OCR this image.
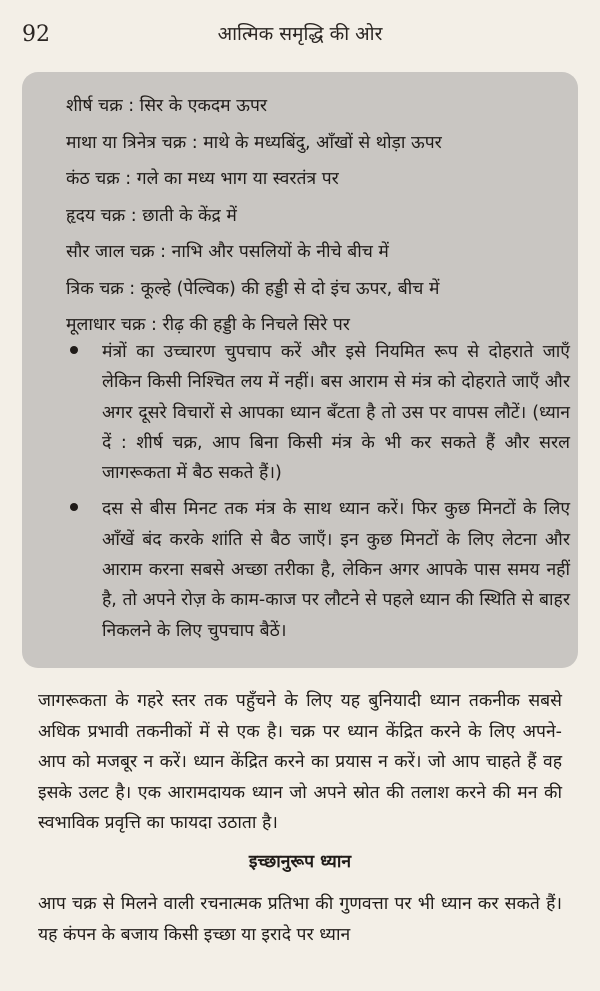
92	आत्मिक समृद्धि की ओर
शीर्ष चक्र : सिर के एकदम ऊपर
माथा या त्रिनेत्र चक्र : माथे के मध्यबिंदु, आँखों से थोड़ा ऊपर
कंठ चक्र : गले का मध्य भाग या स्वरतंत्र पर
हृदय चक्र : छाती के केंद्र में
सौर जाल चक्र : नाभि और पसलियों के नीचे बीच में
त्रिक चक्र : कूल्हे (पेल्विक) की हड्डी से दो इंच ऊपर, बीच में
मूलाधार चक्र : रीढ़ की हड्डी के निचले सिरे पर
मंत्रों का उच्चारण चुपचाप करें और इसे नियमित रूप से दोहराते जाएँ लेकिन किसी निश्चित लय में नहीं। बस आराम से मंत्र को दोहराते जाएँ और अगर दूसरे विचारों से आपका ध्यान बँटता है तो उस पर वापस लौटें। (ध्यान दें : शीर्ष चक्र, आप बिना किसी मंत्र के भी कर सकते हैं और सरल जागरूकता में बैठ सकते हैं।)
दस से बीस मिनट तक मंत्र के साथ ध्यान करें। फिर कुछ मिनटों के लिए आँखें बंद करके शांति से बैठ जाएँ। इन कुछ मिनटों के लिए लेटना और आराम करना सबसे अच्छा तरीका है, लेकिन अगर आपके पास समय नहीं है, तो अपने रोज़ के काम-काज पर लौटने से पहले ध्यान की स्थिति से बाहर निकलने के लिए चुपचाप बैठें।
जागरूकता के गहरे स्तर तक पहुँचने के लिए यह बुनियादी ध्यान तकनीक सबसे अधिक प्रभावी तकनीकों में से एक है। चक्र पर ध्यान केंद्रित करने के लिए अपने-आप को मजबूर न करें। ध्यान केंद्रित करने का प्रयास न करें। जो आप चाहते हैं वह इसके उलट है। एक आरामदायक ध्यान जो अपने स्रोत की तलाश करने की मन की स्वभाविक प्रवृत्ति का फायदा उठाता है।
इच्छानुरूप ध्यान
आप चक्र से मिलने वाली रचनात्मक प्रतिभा की गुणवत्ता पर भी ध्यान कर सकते हैं। यह कंपन के बजाय किसी इच्छा या इरादे पर ध्यान
